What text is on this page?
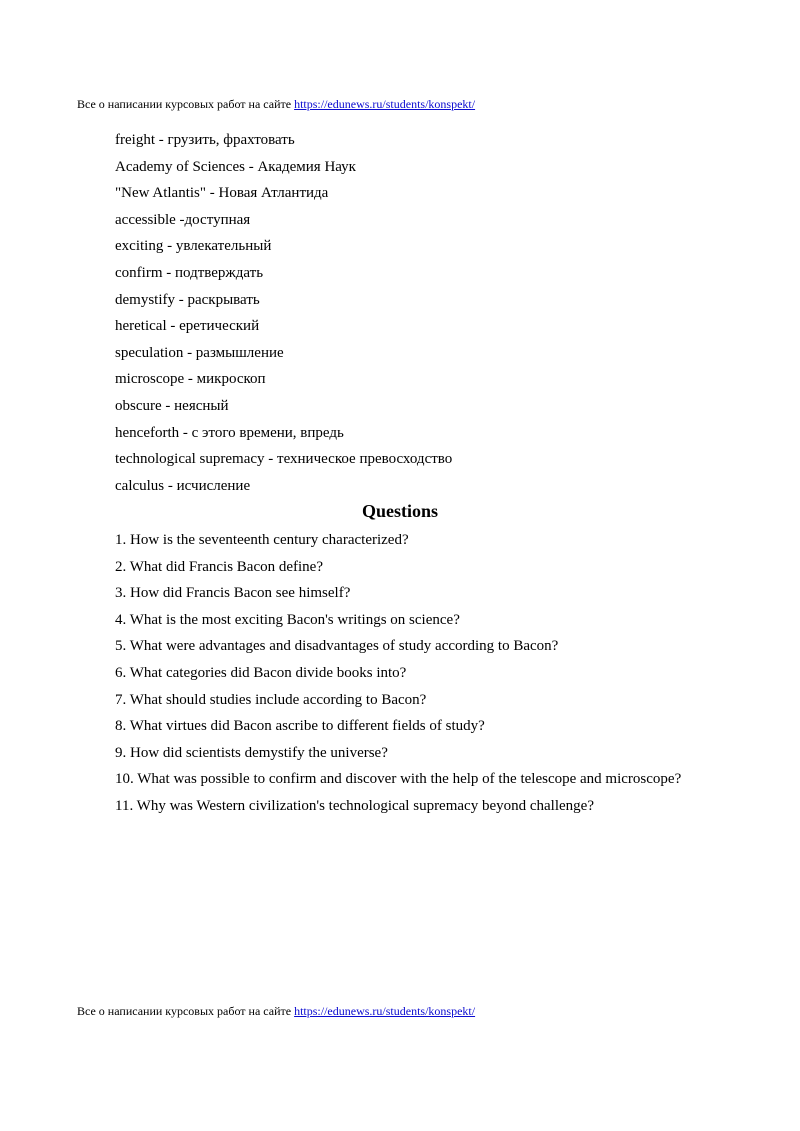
Все о написании курсовых работ на сайте https://edunews.ru/students/konspekt/
freight - грузить, фрахтовать
Academy of Sciences - Академия Наук
"New Atlantis" - Новая Атлантида
accessible -доступная
exciting - увлекательный
confirm - подтверждать
demystify - раскрывать
heretical - еретический
speculation - размышление
microscope - микроскоп
obscure - неясный
henceforth - с этого времени, впредь
technological supremacy - техническое превосходство
calculus - исчисление
Questions
1. How is the seventeenth century characterized?
2. What did Francis Bacon define?
3. How did Francis Bacon see himself?
4. What is the most exciting Bacon's writings on science?
5. What were advantages and disadvantages of study according to Bacon?
6. What categories did Bacon divide books into?
7. What should studies include according to Bacon?
8. What virtues did Bacon ascribe to different fields of study?
9. How did scientists demystify the universe?
10. What was possible to confirm and discover with the help of the telescope and microscope?
11. Why was Western civilization's technological supremacy beyond challenge?
Все о написании курсовых работ на сайте https://edunews.ru/students/konspekt/
